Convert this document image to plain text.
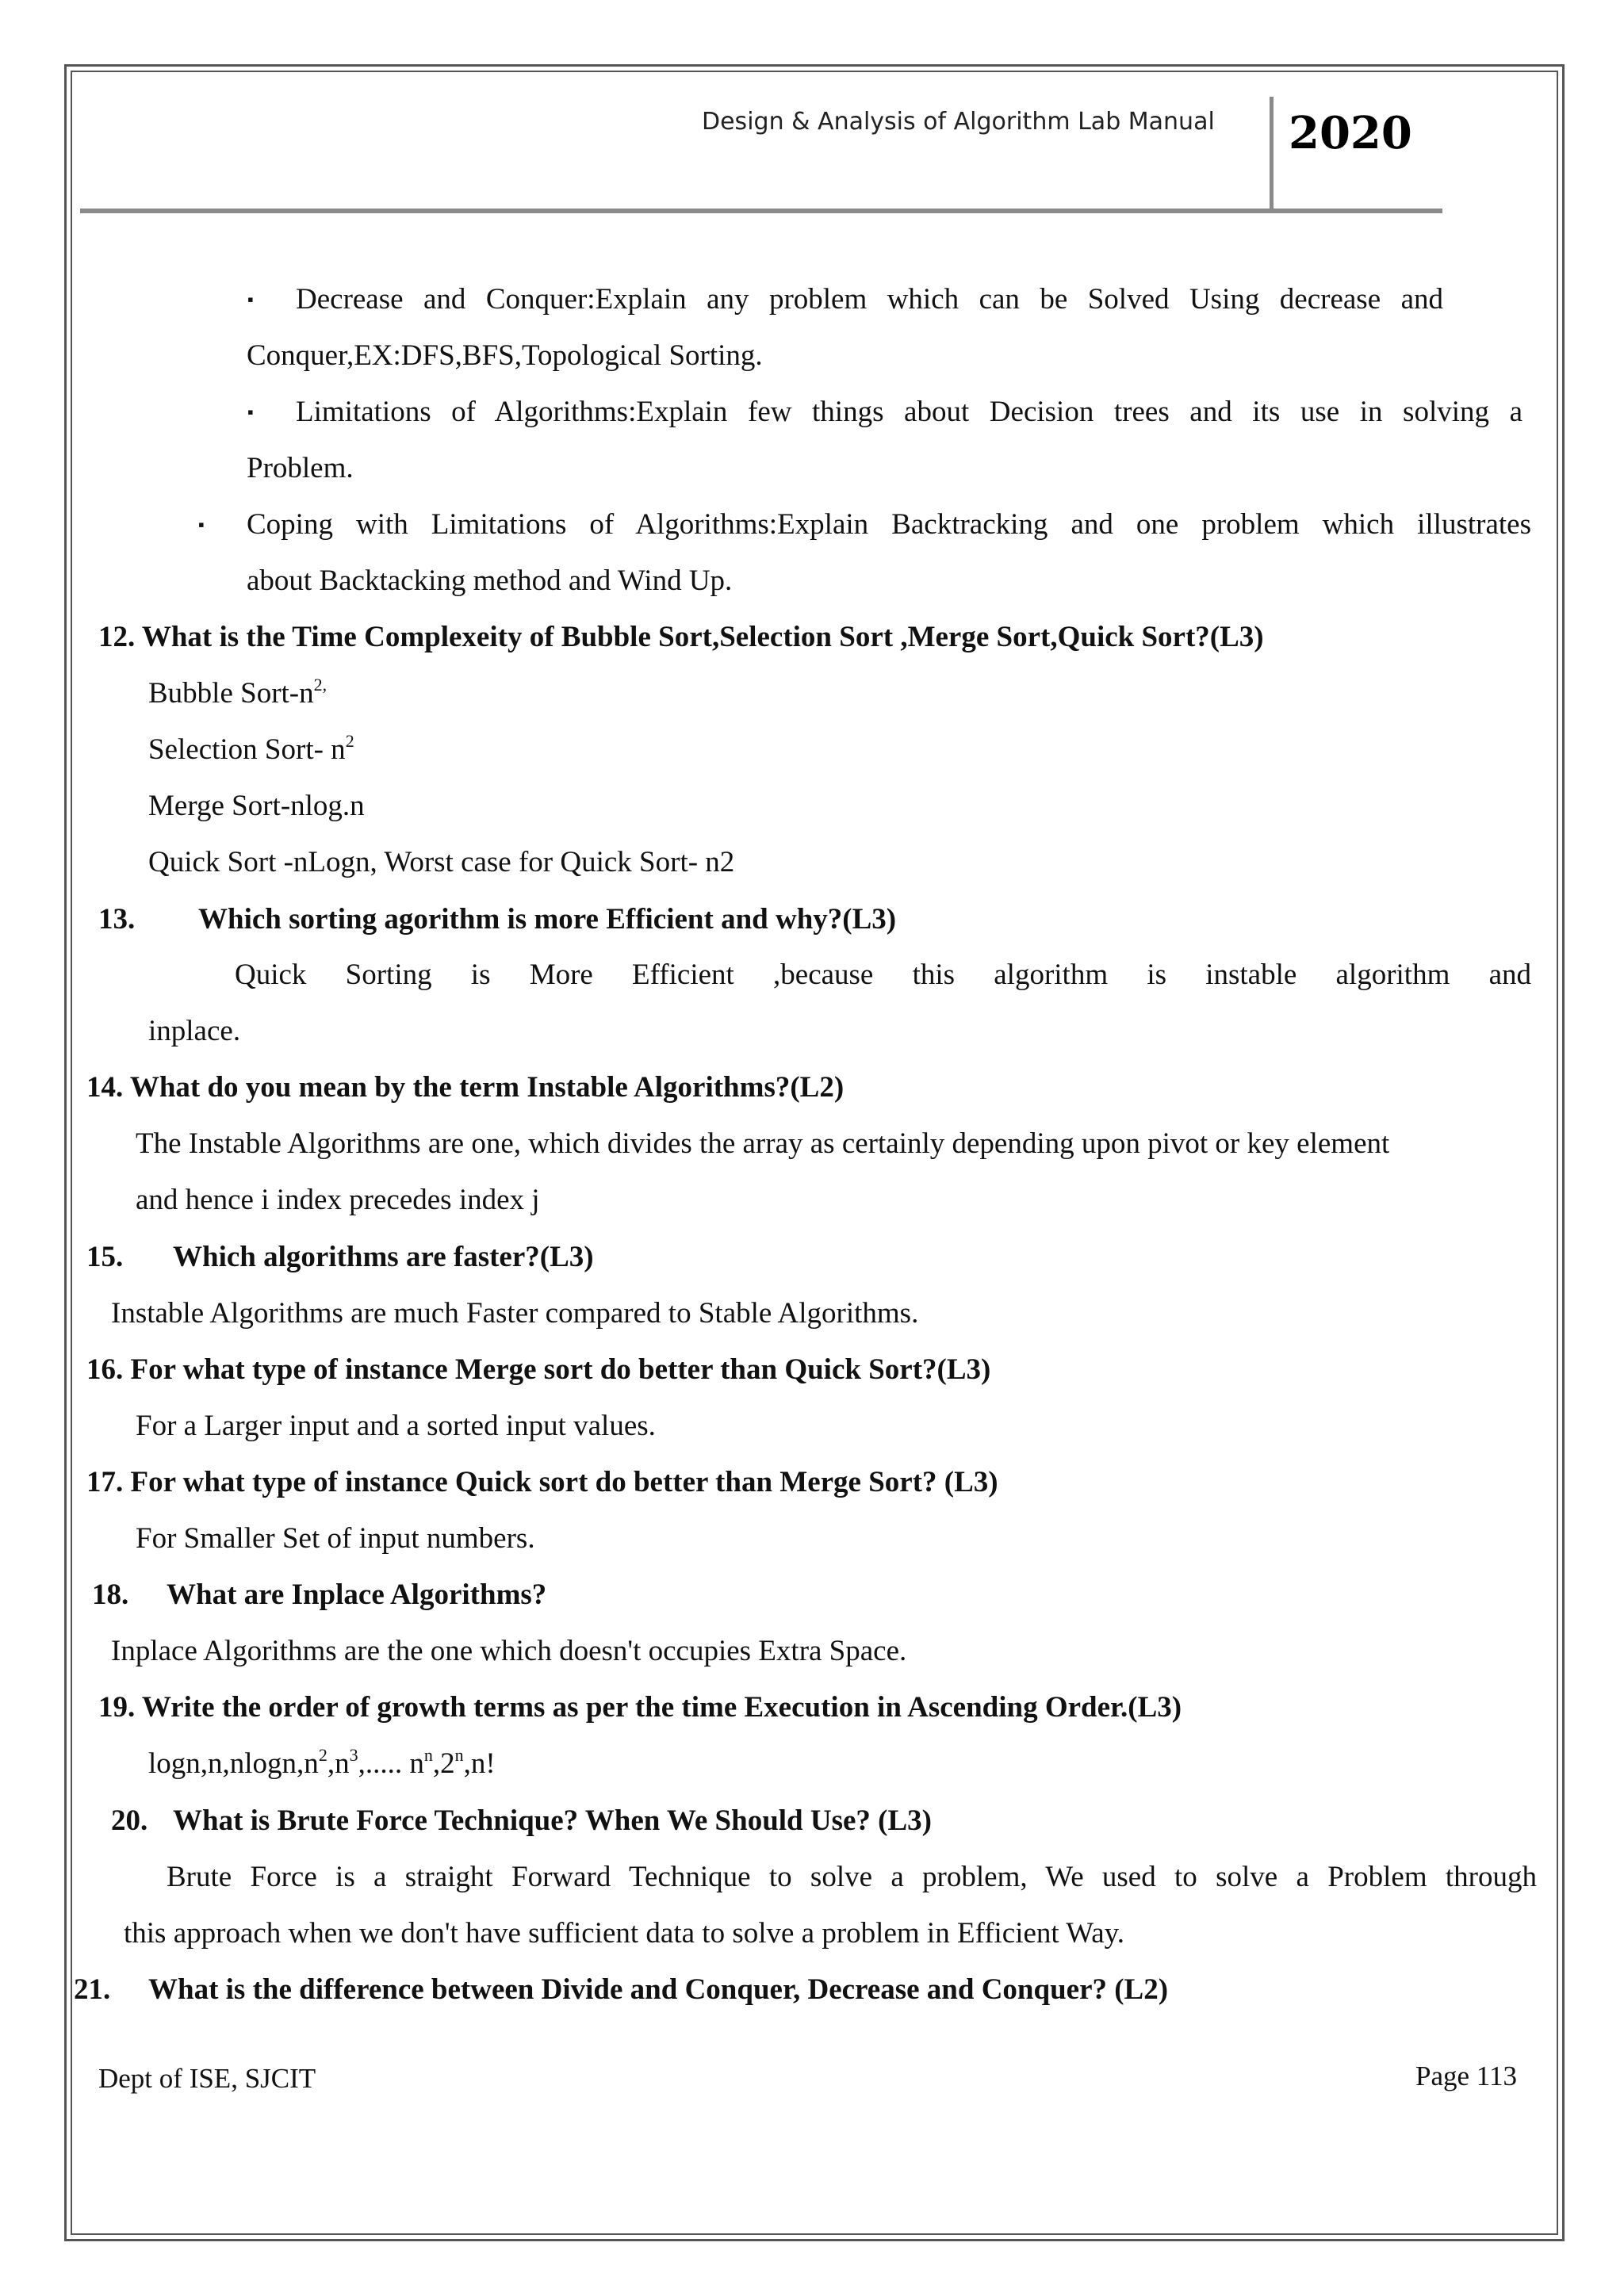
Design & Analysis of Algorithm Lab Manual 2020
▪ Decrease and Conquer:Explain any problem which can be Solved Using decrease and
Conquer,EX:DFS,BFS,Topological Sorting.
▪ Limitations of Algorithms:Explain few things about Decision trees and its use in solving a
Problem.
▪ Coping with Limitations of Algorithms:Explain Backtracking and one problem which illustrates
about Backtacking method and Wind Up.
12. What is the Time Complexeity of Bubble Sort,Selection Sort ,Merge Sort,Quick Sort?(L3)
Bubble Sort-$n^{2,}$
Selection Sort- $n^2$
Merge Sort-nlog.n
Quick Sort -nLogn, Worst case for Quick Sort- n2
13. Which sorting agorithm is more Efficient and why?(L3)
Quick Sorting is More Efficient ,because this algorithm is instable algorithm and
inplace.
14. What do you mean by the term Instable Algorithms?(L2)
The Instable Algorithms are one, which divides the array as certainly depending upon pivot or key element
and hence i index precedes index j
15. Which algorithms are faster?(L3)
Instable Algorithms are much Faster compared to Stable Algorithms.
16. For what type of instance Merge sort do better than Quick Sort?(L3)
For a Larger input and a sorted input values.
17. For what type of instance Quick sort do better than Merge Sort? (L3)
For Smaller Set of input numbers.
18. What are Inplace Algorithms?
Inplace Algorithms are the one which doesn't occupies Extra Space.
19. Write the order of growth terms as per the time Execution in Ascending Order.(L3)
$\log n,n,nlogn,n^2,n^3$,..... $n^n,2^n,n$!
20. What is Brute Force Technique? When We Should Use? (L3)
Brute Force is a straight Forward Technique to solve a problem, We used to solve a Problem through
this approach when we don't have sufficient data to solve a problem in Efficient Way.
21. What is the difference between Divide and Conquer, Decrease and Conquer? (L2)
Dept of ISE, SJCIT	Page 113
